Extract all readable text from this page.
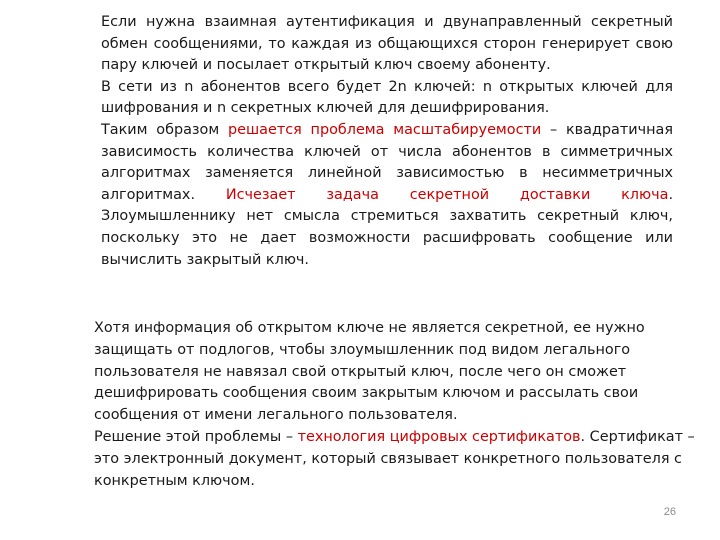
Если нужна взаимная аутентификация и двунаправленный секретный обмен сообщениями, то каждая из общающихся сторон генерирует свою пару ключей и посылает открытый ключ своему абоненту.

В сети из n абонентов всего будет 2n ключей: n открытых ключей для шифрования и n секретных ключей для дешифрирования.

Таким образом решается проблема масштабируемости – квадратичная зависимость количества ключей от числа абонентов в симметричных алгоритмах заменяется линейной зависимостью в несимметричных алгоритмах. Исчезает задача секретной доставки ключа. Злоумышленнику нет смысла стремиться захватить секретный ключ, поскольку это не дает возможности расшифровать сообщение или вычислить закрытый ключ.

Хотя информация об открытом ключе не является секретной, ее нужно защищать от подлогов, чтобы злоумышленник под видом легального пользователя не навязал свой открытый ключ, после чего он сможет дешифрировать сообщения своим закрытым ключом и рассылать свои сообщения от имени легального пользователя.

Решение этой проблемы – технология цифровых сертификатов. Сертификат – это электронный документ, который связывает конкретного пользователя с конкретным ключом.

26
